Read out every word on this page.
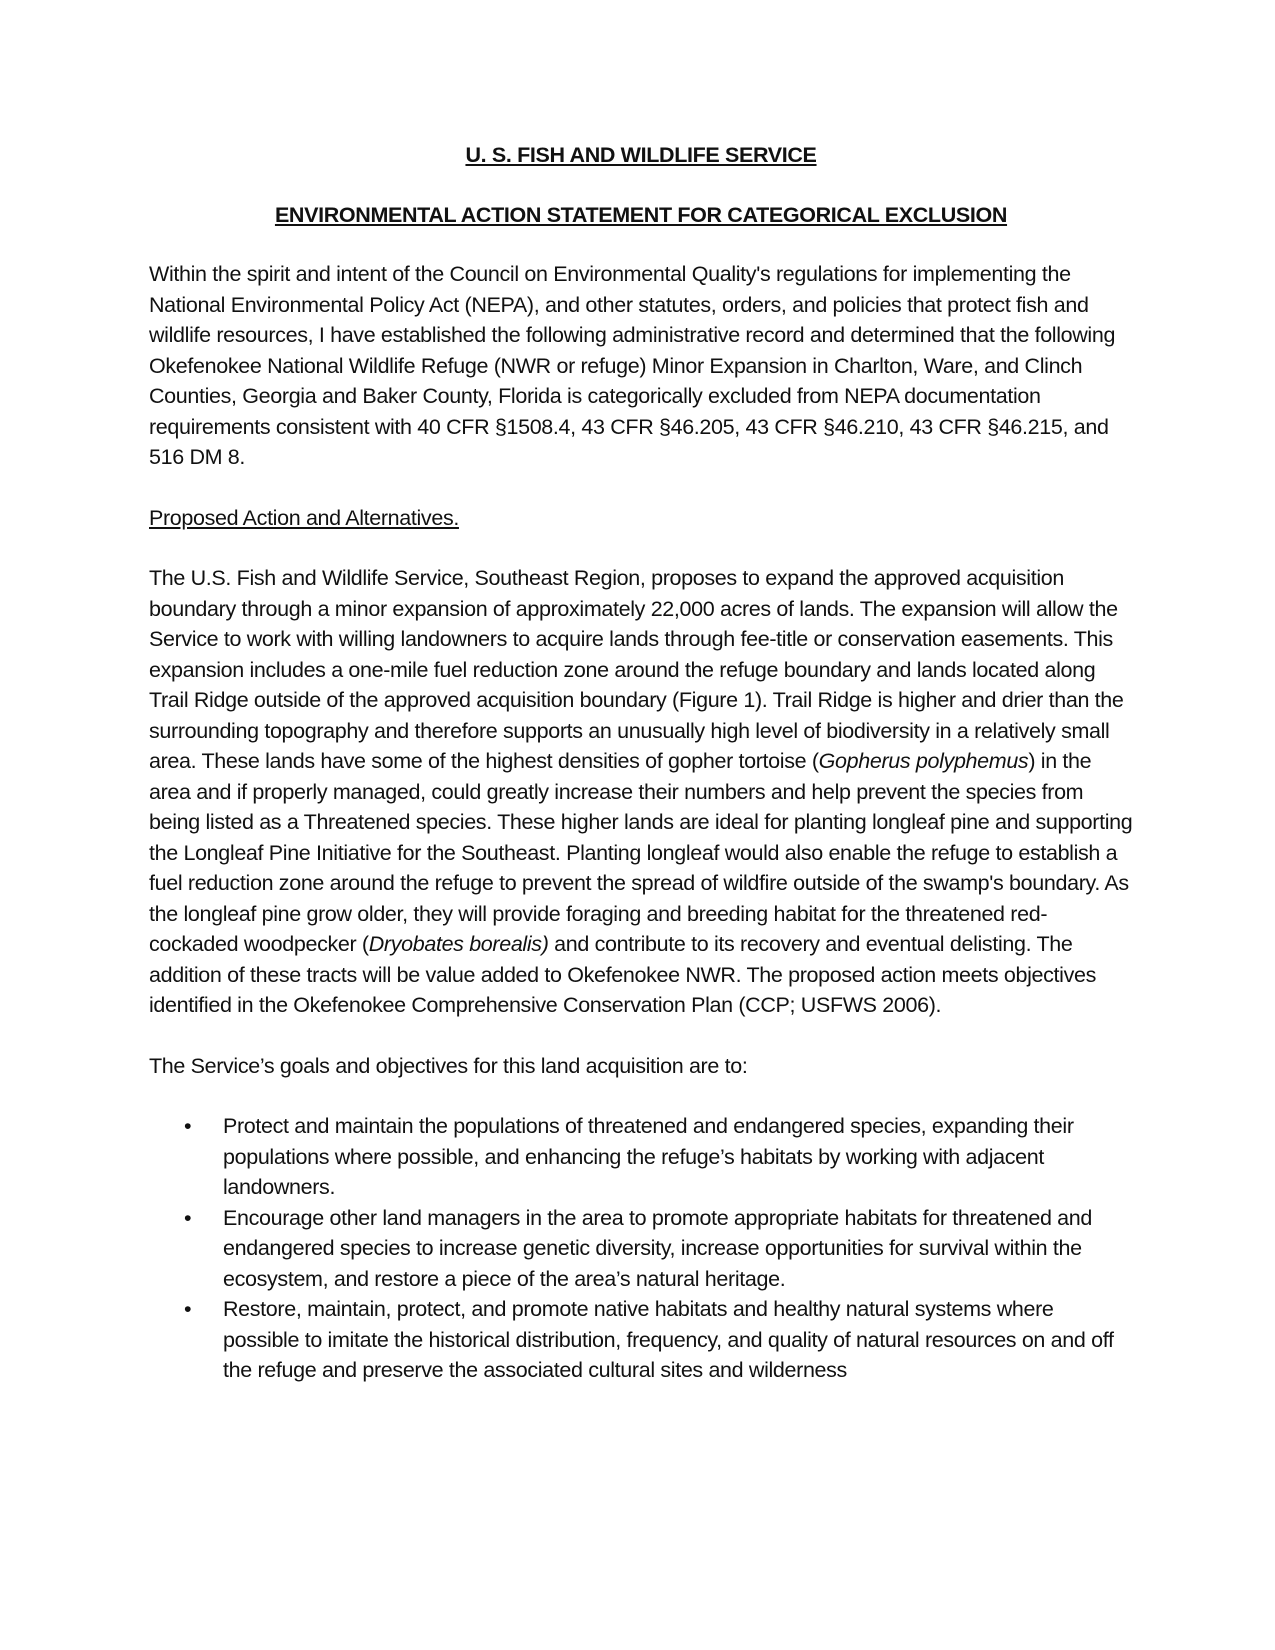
U. S. FISH AND WILDLIFE SERVICE
ENVIRONMENTAL ACTION STATEMENT FOR CATEGORICAL EXCLUSION

Within the spirit and intent of the Council on Environmental Quality's regulations for implementing the National Environmental Policy Act (NEPA), and other statutes, orders, and policies that protect fish and wildlife resources, I have established the following administrative record and determined that the following Okefenokee National Wildlife Refuge (NWR or refuge) Minor Expansion in Charlton, Ware, and Clinch Counties, Georgia and Baker County, Florida is categorically excluded from NEPA documentation requirements consistent with 40 CFR §1508.4, 43 CFR §46.205, 43 CFR §46.210, 43 CFR §46.215, and 516 DM 8.

Proposed Action and Alternatives.

The U.S. Fish and Wildlife Service, Southeast Region, proposes to expand the approved acquisition boundary through a minor expansion of approximately 22,000 acres of lands. The expansion will allow the Service to work with willing landowners to acquire lands through fee-title or conservation easements. This expansion includes a one-mile fuel reduction zone around the refuge boundary and lands located along Trail Ridge outside of the approved acquisition boundary (Figure 1). Trail Ridge is higher and drier than the surrounding topography and therefore supports an unusually high level of biodiversity in a relatively small area. These lands have some of the highest densities of gopher tortoise (Gopherus polyphemus) in the area and if properly managed, could greatly increase their numbers and help prevent the species from being listed as a Threatened species. These higher lands are ideal for planting longleaf pine and supporting the Longleaf Pine Initiative for the Southeast. Planting longleaf would also enable the refuge to establish a fuel reduction zone around the refuge to prevent the spread of wildfire outside of the swamp's boundary. As the longleaf pine grow older, they will provide foraging and breeding habitat for the threatened red-cockaded woodpecker (Dryobates borealis) and contribute to its recovery and eventual delisting. The addition of these tracts will be value added to Okefenokee NWR. The proposed action meets objectives identified in the Okefenokee Comprehensive Conservation Plan (CCP; USFWS 2006).

The Service’s goals and objectives for this land acquisition are to:

• Protect and maintain the populations of threatened and endangered species, expanding their populations where possible, and enhancing the refuge’s habitats by working with adjacent landowners.
• Encourage other land managers in the area to promote appropriate habitats for threatened and endangered species to increase genetic diversity, increase opportunities for survival within the ecosystem, and restore a piece of the area’s natural heritage.
• Restore, maintain, protect, and promote native habitats and healthy natural systems where possible to imitate the historical distribution, frequency, and quality of natural resources on and off the refuge and preserve the associated cultural sites and wilderness
